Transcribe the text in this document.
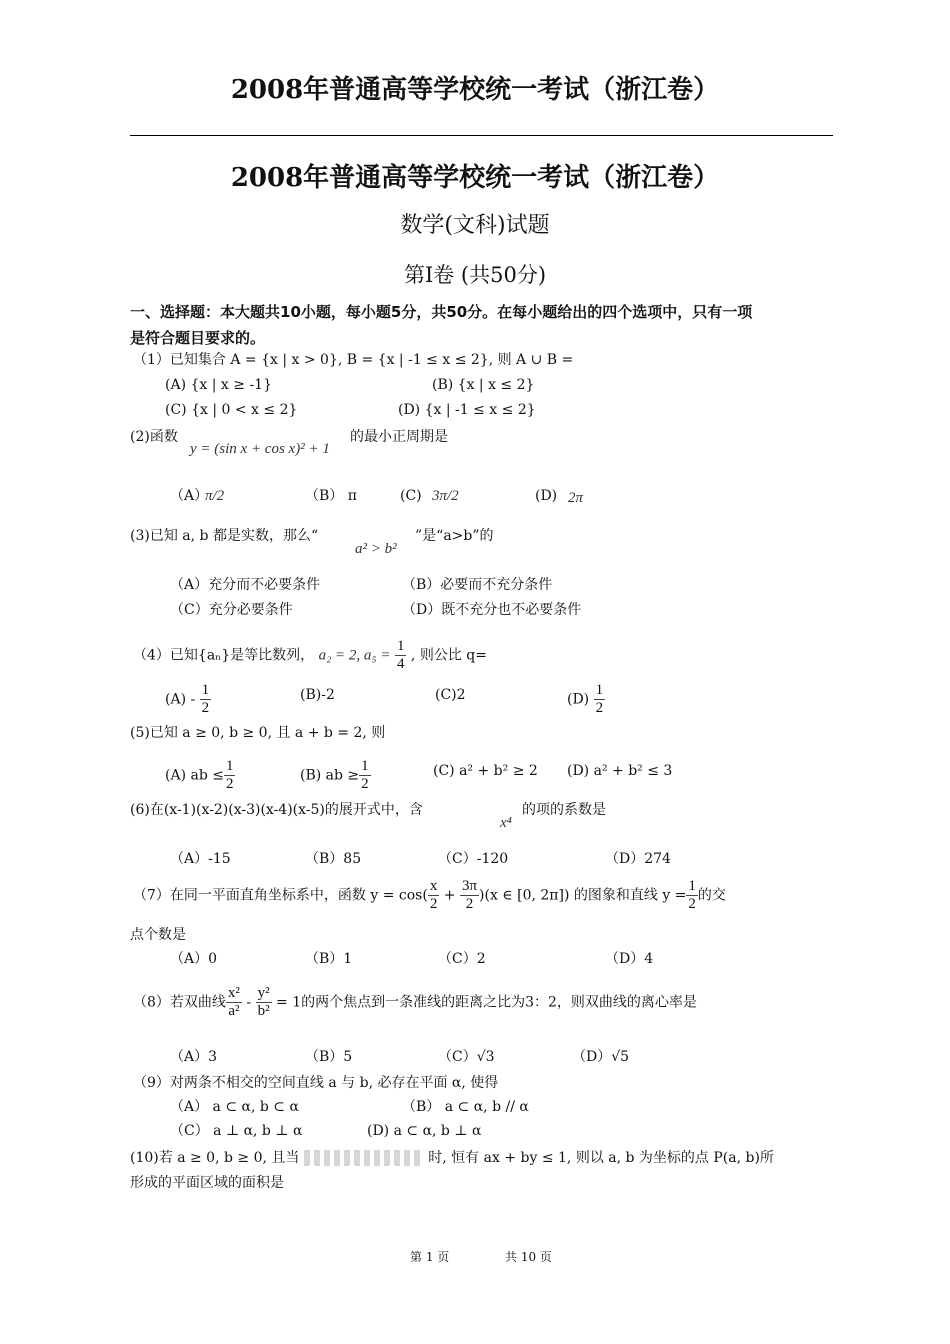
2008年普通高等学校统一考试（浙江卷）
2008年普通高等学校统一考试（浙江卷）
数学(文科)试题
第Ⅰ卷 (共50分)
一、选择题：本大题共10小题，每小题5分，共50分。在每小题给出的四个选项中，只有一项
是符合题目要求的。
（1）已知集合 A = {x | x > 0}, B = {x | -1 ≤ x ≤ 2}, 则 A ∪ B =
(A) {x | x ≥ -1}	(B) {x | x ≤ 2}
(C) {x | 0 < x ≤ 2}	(D) {x | -1 ≤ x ≤ 2}
(2)函数
y = (sin x + cos x)² + 1
的最小正周期是
（A）
π/2	（B） π	(C) 3π/2	(D) 2π
(3)已知 a, b 都是实数，那么“
a² > b²
”是“a>b”的
（A）充分而不必要条件	（B）必要而不充分条件
（C）充分必要条件	（D）既不充分也不必要条件
（4）已知{aₙ}是等比数列， a₂ = 2, $a_5 = \frac{1}{4}$ , 则公比 q=
$(A) - \frac{1}{2}$	(B)-2	(C)2	$(D) \frac{1}{2}$
(5)已知 a ≥ 0, b ≥ 0, 且 a + b = 2, 则
(A) ab ≤ $\frac{1}{2}$	(B) ab ≥ $\frac{1}{2}$	(C) a² + b² ≥ 2 (D) a² + b² ≤ 3
(6)在(x-1)(x-2)(x-3)(x-4)(x-5)的展开式中，含
x⁴
的项的系数是
（A）-15	（B）85	（C）-120	（D）274
（7）在同一平面直角坐标系中，函数 $y = \cos( \frac{x}{2} + \frac{3\pi}{2} )(x$ ∈ [0, 2π]) 的图象和直线 $y = \frac{1}{2}$ 的交
点个数是
（A）0	（B）1	（C）2	（D）4
（8）若双曲线 $\frac{\text{x²}}{\text{a²}} - \frac{\text{y²}}{\text{b²}} = 1$的两个焦点到一条准线的距离之比为3：2，则双曲线的离心率是
（A）3	（B）5	（C）√3	（D）√5
（9）对两条不相交的空间直线 a 与 b, 必存在平面 α, 使得
（A） a ⊂ α, b ⊂ α	（B） a ⊂ α, b // α
（C） a ⊥ α, b ⊥ α	(D) a ⊂ α, b ⊥ α
(10)若 a ≥ 0, b ≥ 0, 且当	时, 恒有 ax + by ≤ 1, 则以 a, b 为坐标的点 P(a, b)所
形成的平面区域的面积是
第 1 页	共 10 页
